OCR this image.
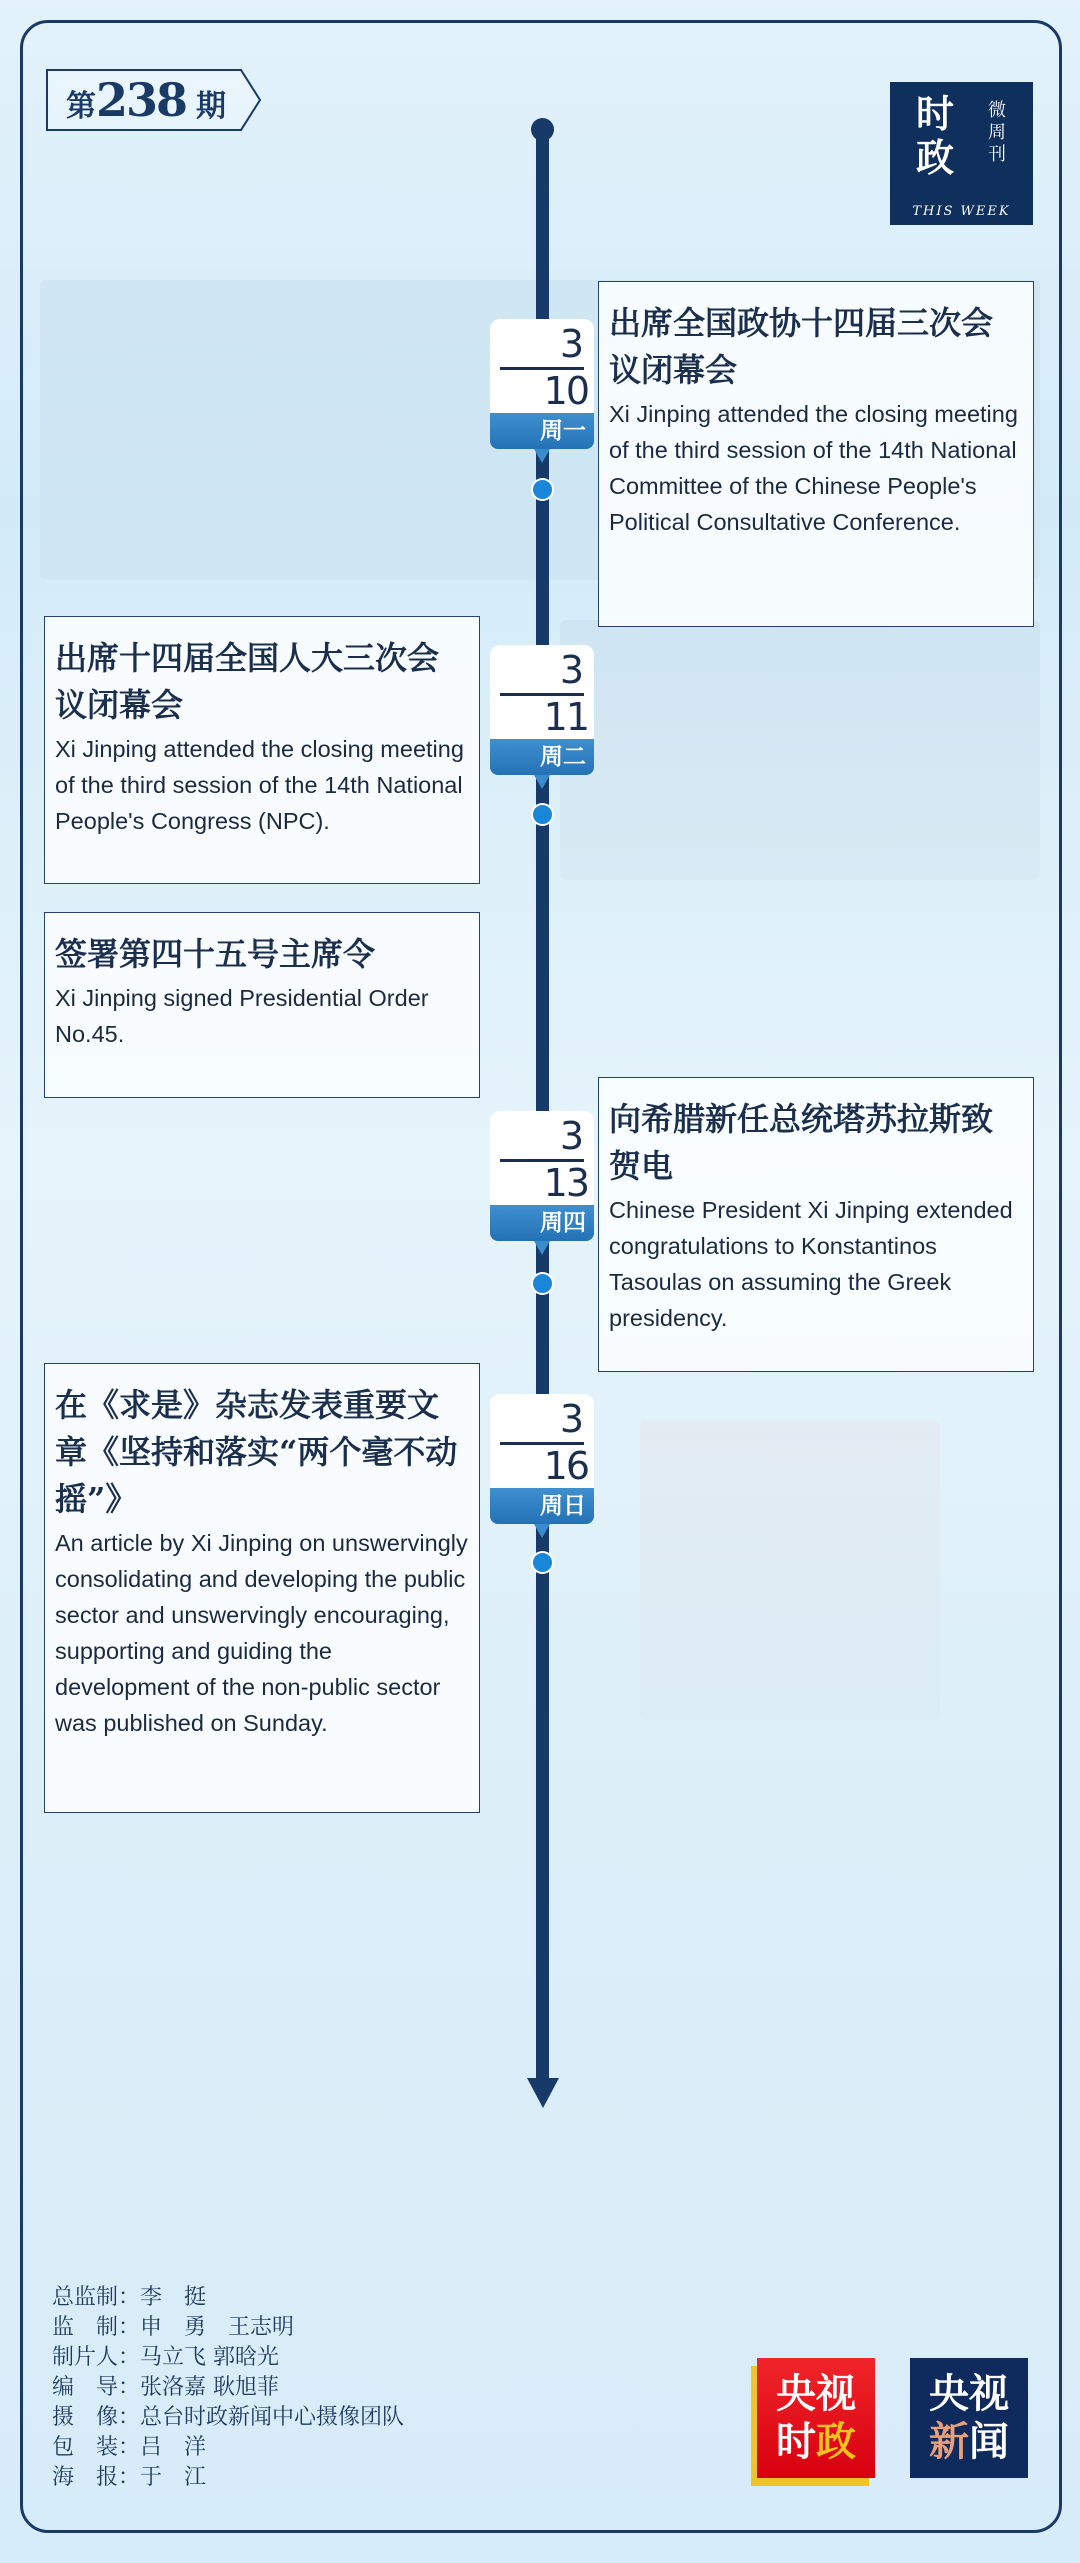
第238 期	时政
微周刊
THIS WEEK
3
10
周一
出席全国政协十四届三次会议闭幕会
Xi Jinping attended the closing meeting of the third session of the 14th National Committee of the Chinese People's Political Consultative Conference.
3
11
周二
出席十四届全国人大三次会议闭幕会
Xi Jinping attended the closing meeting of the third session of the 14th National People's Congress (NPC).
签署第四十五号主席令
Xi Jinping signed Presidential Order No.45.
3
13
周四
向希腊新任总统塔苏拉斯致贺电
Chinese President Xi Jinping extended congratulations to Konstantinos Tasoulas on assuming the Greek presidency.
3
16
周日
在《求是》杂志发表重要文章《坚持和落实“两个毫不动摇”》
An article by Xi Jinping on unswervingly consolidating and developing the public sector and unswervingly encouraging, supporting and guiding the development of the non-public sector was published on Sunday.
总监制：李　挺
监　制：申　勇　王志明
制片人：马立飞 郭晗光
编　导：张洛嘉 耿旭菲
摄　像：总台时政新闻中心摄像团队
包　装：吕　洋
海　报：于　江
央视
时政
央视
新闻
